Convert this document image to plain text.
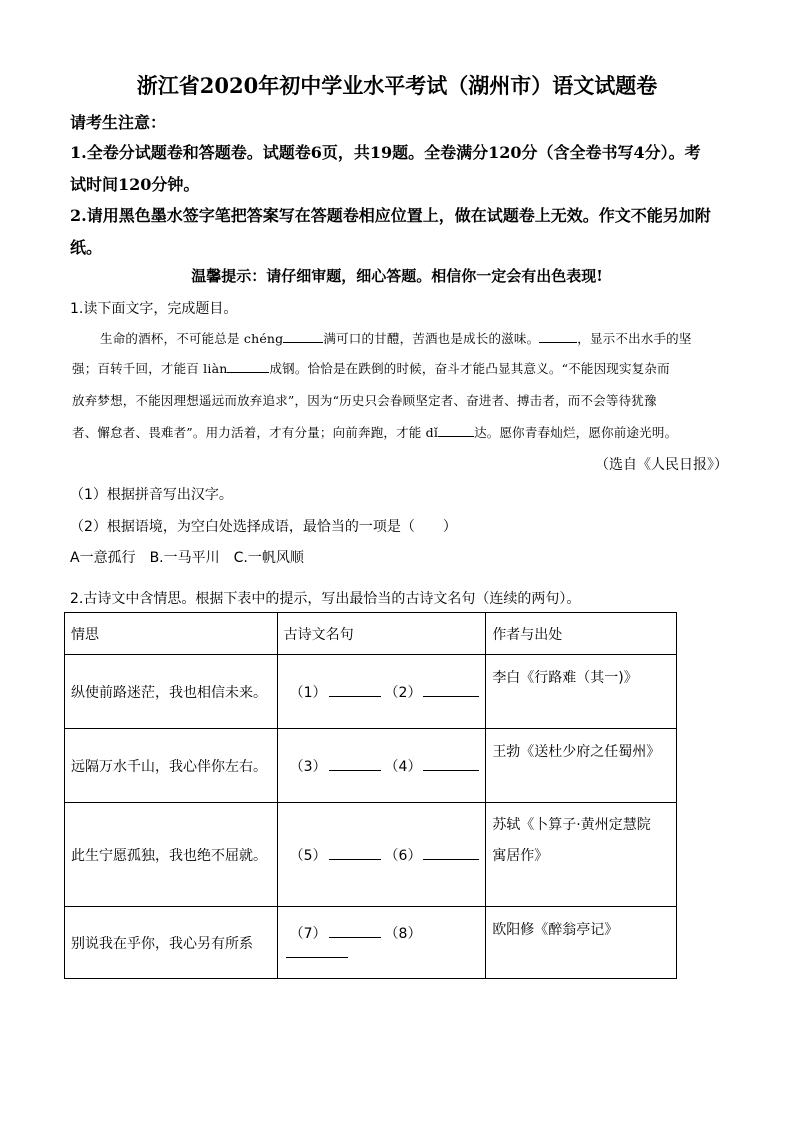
浙江省2020年初中学业水平考试（湖州市）语文试题卷
请考生注意：
1.全卷分试题卷和答题卷。试题卷6页，共19题。全卷满分120分（含全卷书写4分）。考
试时间120分钟。
2.请用黑色墨水签字笔把答案写在答题卷相应位置上，做在试题卷上无效。作文不能另加附
纸。
温馨提示：请仔细审题，细心答题。相信你一定会有出色表现!
1.读下面文字，完成题目。
生命的酒杯，不可能总是 chéng	满可口的甘醴，苦酒也是成长的滋味。	，显示不出水手的坚
强；百转千回，才能百 liàn	成钢。恰恰是在跌倒的时候，奋斗才能凸显其意义。“不能因现实复杂而
放弃梦想，不能因理想遥远而放弃追求”，因为“历史只会眷顾坚定者、奋进者、搏击者，而不会等待犹豫
者、懈怠者、畏难者”。用力活着，才有分量；向前奔跑，才能 dǐ	达。愿你青春灿烂，愿你前途光明。
（选自《人民日报》）
（1）根据拼音写出汉字。
（2）根据语境，为空白处选择成语，最恰当的一项是（　　）
A一意孤行　B.一马平川　C.一帆风顺
2.古诗文中含情思。根据下表中的提示，写出最恰当的古诗文名句（连续的两句）。
情思	古诗文名句	作者与出处
纵使前路迷茫，我也相信未来。	（1） （2）	李白《行路难（其一)》

远隔万水千山，我心伴你左右。	（3） （4）	王勃《送杜少府之任蜀州》

此生宁愿孤独，我也绝不屈就。	（5） （6）	苏轼《卜算子·黄州定慧院
寓居作》

别说我在乎你，我心另有所系	（7） （8）	欧阳修《醉翁亭记》
